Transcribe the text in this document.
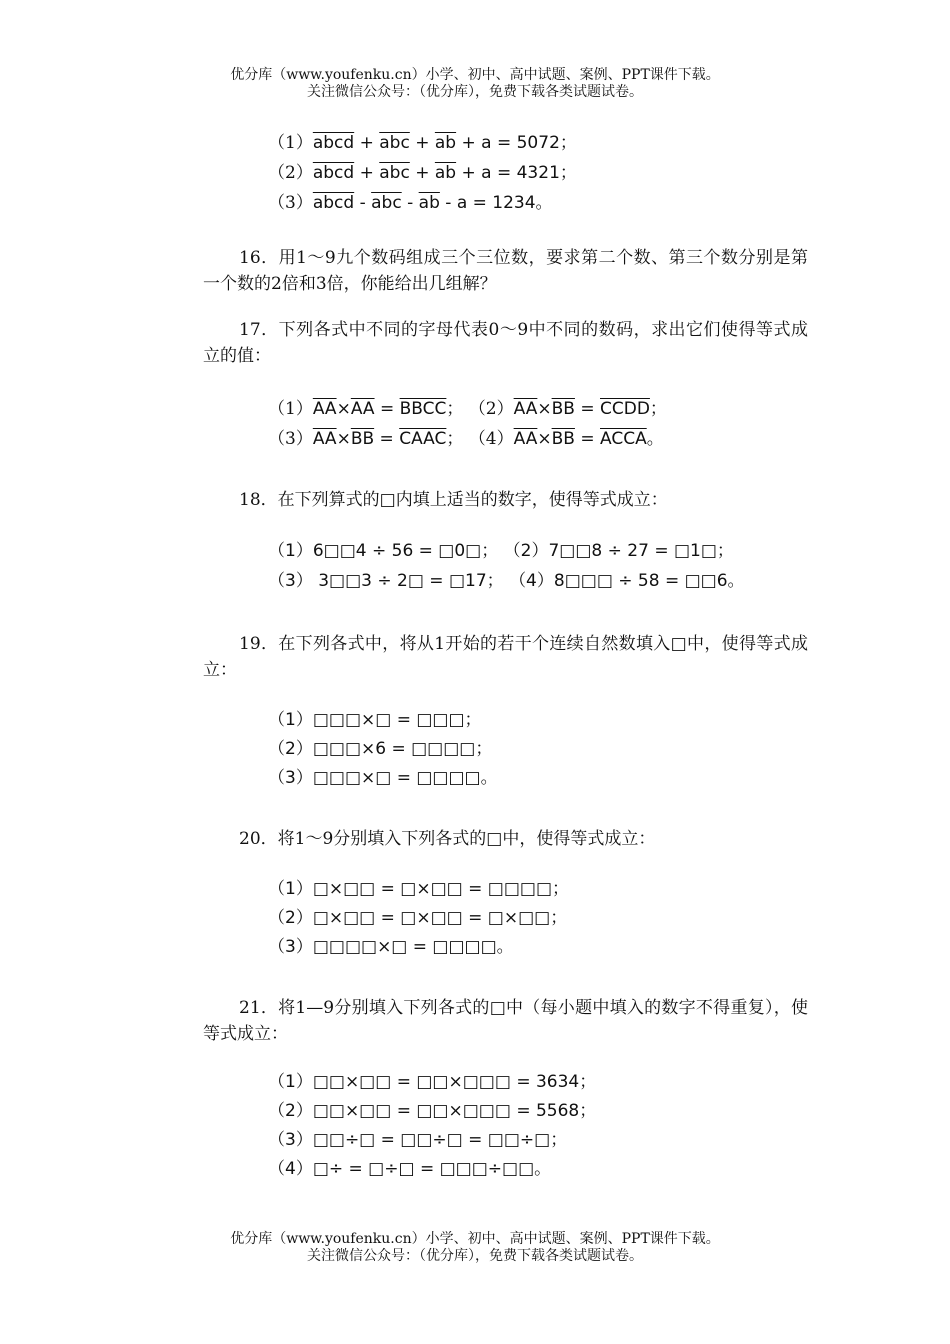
优分库（www.youfenku.cn）小学、初中、高中试题、案例、PPT课件下载。
关注微信公众号：（优分库），免费下载各类试题试卷。
（1）abcd + $\overline{abc} + \overline{ab} + a = 5072$；
（2）abcd + $\overline{abc} + \overline{ab} + a = 4321$；
（3）abcd - $\overline{abc} - \overline{ab} - a = 1234$。
16．用1～9九个数码组成三个三位数，要求第二个数、第三个数分别是第一个数的2倍和3倍，你能给出几组解？
17．下列各式中不同的字母代表0～9中不同的数码，求出它们使得等式成立的值：
$(1)\overline{AA}\times\overline{AA}$ = BBCC； $(2)\overline{AA}\times\overline{BB}$ = CCDD；
$(3)\overline{AA}\times\overline{BB}$ = CAAC； $(4)\overline{AA}\times\overline{BB}$ = ACCA。
18．在下列算式的□内填上适当的数字，使得等式成立：
（1）6□□4 ÷ 56 = □0□； （2）7□□8 ÷ 27 = □1□；
（3） 3□□3 ÷ 2□ = □17； （4）8□□□ ÷ 58 = □□6。
19．在下列各式中，将从1开始的若干个连续自然数填入□中，使得等式成立：
（1）□□□×□ = □□□；
（2）□□□×6 = □□□□；
（3）□□□×□ = □□□□。
20．将1～9分别填入下列各式的□中，使得等式成立：
（1）□×□□ = □×□□ = □□□□；
（2）□×□□ = □×□□ = □×□□；
（3）□□□□×□ = □□□□。
21．将1—9分别填入下列各式的□中（每小题中填入的数字不得重复），使等式成立：
（1）□□×□□ = □□×□□□ = 3634；
（2）□□×□□ = □□×□□□ = 5568；
（3）□□÷□ = □□÷□ = □□÷□；
（4）□÷ = □÷□ = □□□÷□□。
优分库（www.youfenku.cn）小学、初中、高中试题、案例、PPT课件下载。
关注微信公众号：（优分库），免费下载各类试题试卷。
